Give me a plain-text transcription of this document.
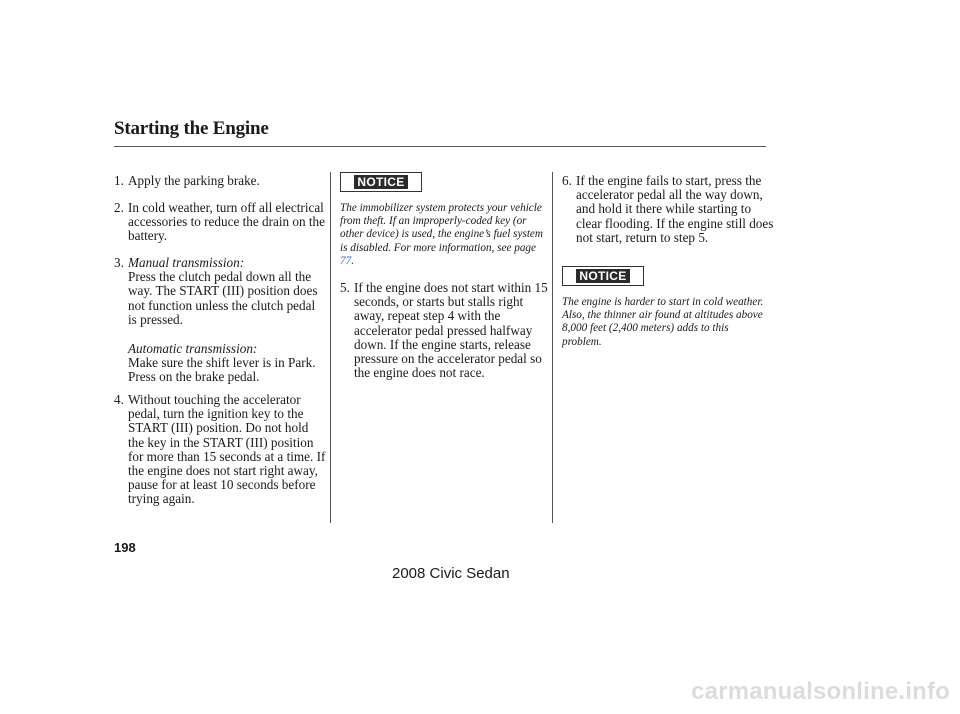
Starting the Engine
1. Apply the parking brake.
2. In cold weather, turn off all electrical accessories to reduce the drain on the battery.
3. Manual transmission:
Press the clutch pedal down all the way. The START (III) position does not function unless the clutch pedal is pressed.
Automatic transmission:
Make sure the shift lever is in Park. Press on the brake pedal.
4. Without touching the accelerator pedal, turn the ignition key to the START (III) position. Do not hold the key in the START (III) position for more than 15 seconds at a time. If the engine does not start right away, pause for at least 10 seconds before trying again.
NOTICE
The immobilizer system protects your vehicle from theft. If an improperly-coded key (or other device) is used, the engine’s fuel system is disabled. For more information, see page 77.
5. If the engine does not start within 15 seconds, or starts but stalls right away, repeat step 4 with the accelerator pedal pressed halfway down. If the engine starts, release pressure on the accelerator pedal so the engine does not race.
6. If the engine fails to start, press the accelerator pedal all the way down, and hold it there while starting to clear flooding. If the engine still does not start, return to step 5.
NOTICE
The engine is harder to start in cold weather. Also, the thinner air found at altitudes above 8,000 feet (2,400 meters) adds to this problem.
198
2008 Civic Sedan
carmanualsonline.info
